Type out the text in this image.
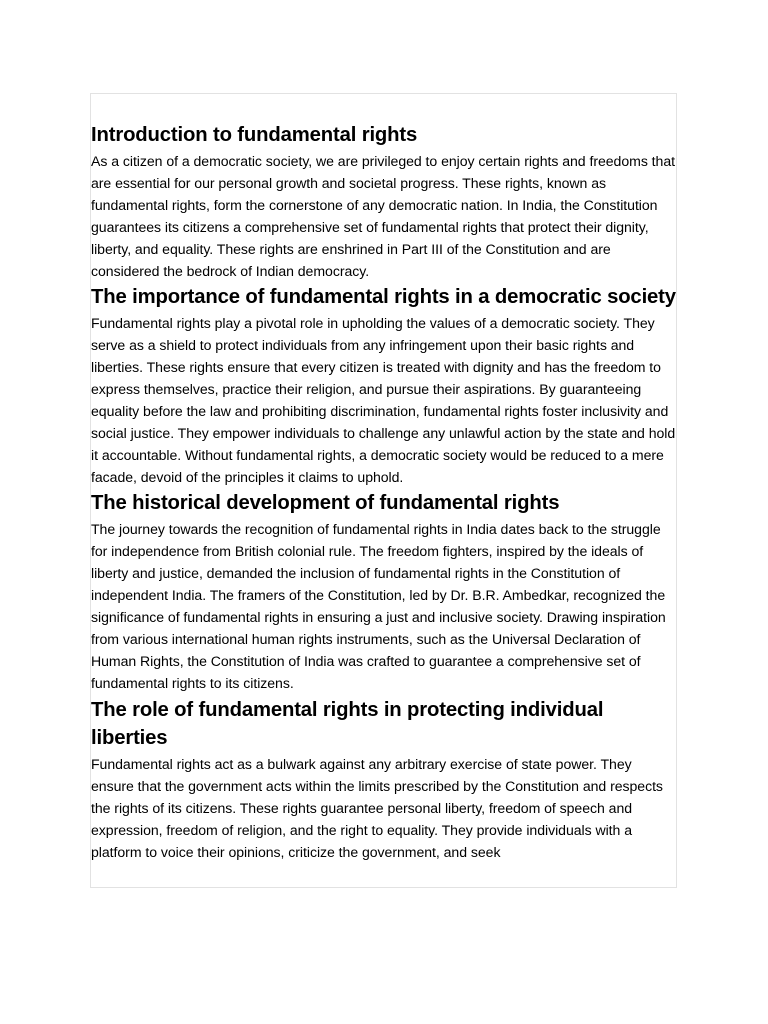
Introduction to fundamental rights

As a citizen of a democratic society, we are privileged to enjoy certain rights and freedoms that are essential for our personal growth and societal progress. These rights, known as fundamental rights, form the cornerstone of any democratic nation. In India, the Constitution guarantees its citizens a comprehensive set of fundamental rights that protect their dignity, liberty, and equality. These rights are enshrined in Part III of the Constitution and are considered the bedrock of Indian democracy.

The importance of fundamental rights in a democratic society

Fundamental rights play a pivotal role in upholding the values of a democratic society. They serve as a shield to protect individuals from any infringement upon their basic rights and liberties. These rights ensure that every citizen is treated with dignity and has the freedom to express themselves, practice their religion, and pursue their aspirations. By guaranteeing equality before the law and prohibiting discrimination, fundamental rights foster inclusivity and social justice. They empower individuals to challenge any unlawful action by the state and hold it accountable. Without fundamental rights, a democratic society would be reduced to a mere facade, devoid of the principles it claims to uphold.

The historical development of fundamental rights

The journey towards the recognition of fundamental rights in India dates back to the struggle for independence from British colonial rule. The freedom fighters, inspired by the ideals of liberty and justice, demanded the inclusion of fundamental rights in the Constitution of independent India. The framers of the Constitution, led by Dr. B.R. Ambedkar, recognized the significance of fundamental rights in ensuring a just and inclusive society. Drawing inspiration from various international human rights instruments, such as the Universal Declaration of Human Rights, the Constitution of India was crafted to guarantee a comprehensive set of fundamental rights to its citizens.

The role of fundamental rights in protecting individual liberties

Fundamental rights act as a bulwark against any arbitrary exercise of state power. They ensure that the government acts within the limits prescribed by the Constitution and respects the rights of its citizens. These rights guarantee personal liberty, freedom of speech and expression, freedom of religion, and the right to equality. They provide individuals with a platform to voice their opinions, criticize the government, and seek
